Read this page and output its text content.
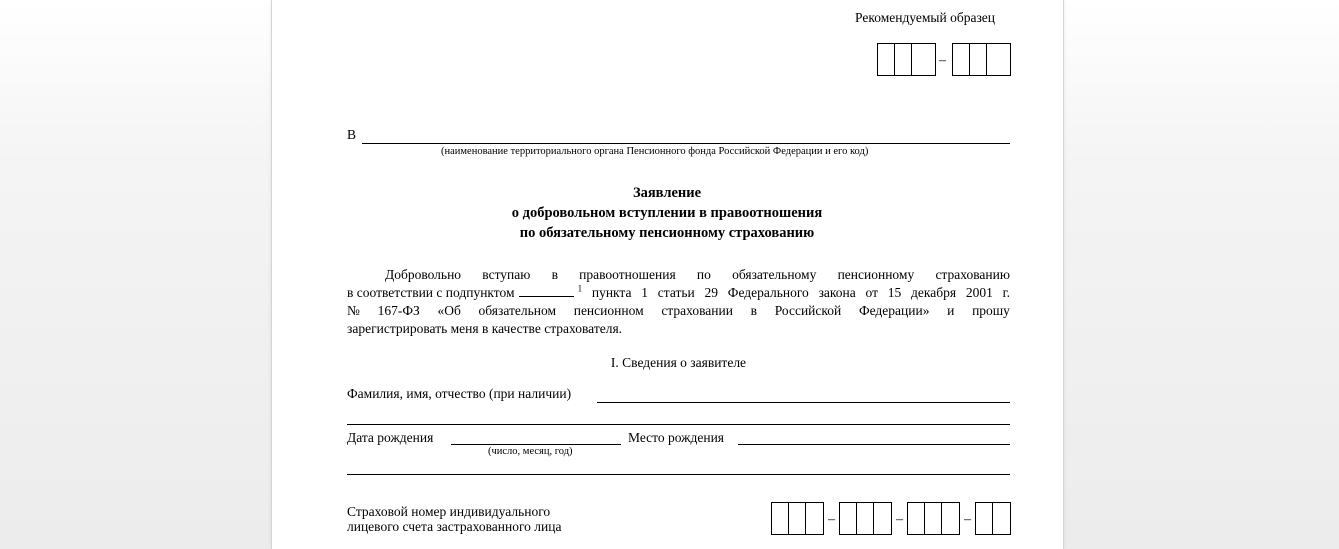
Рекомендуемый образец
–
В
(наименование территориального органа Пенсионного фонда Российской Федерации и его код)
Заявление
о добровольном вступлении в правоотношения
по обязательному пенсионному страхованию
Добровольно вступаю в правоотношения по обязательному пенсионному страхованию
в соответствии с подпунктом	$^1$ пункта 1 статьи 29 Федерального закона от 15 декабря 2001 г.
№ 167-ФЗ «Об обязательном пенсионном страховании в Российской Федерации» и прошу
зарегистрировать меня в качестве страхователя.
I. Сведения о заявителе
Фамилия, имя, отчество (при наличии)
Дата рождения
(число, месяц, год)
Место рождения
Страховой номер индивидуального
лицевого счета застрахованного лица	–	–	–
